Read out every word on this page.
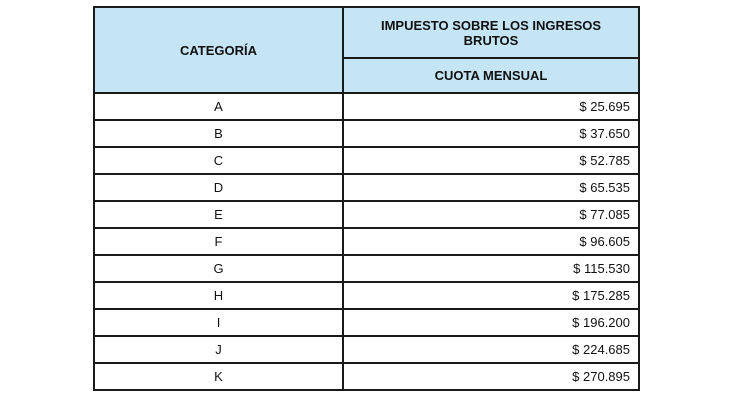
CATEGORÍA	IMPUESTO SOBRE LOS INGRESOS BRUTOS
	CUOTA MENSUAL
A	$ 25.695
B	$ 37.650
C	$ 52.785
D	$ 65.535
E	$ 77.085
F	$ 96.605
G	$ 115.530
H	$ 175.285
I	$ 196.200
J	$ 224.685
K	$ 270.895
